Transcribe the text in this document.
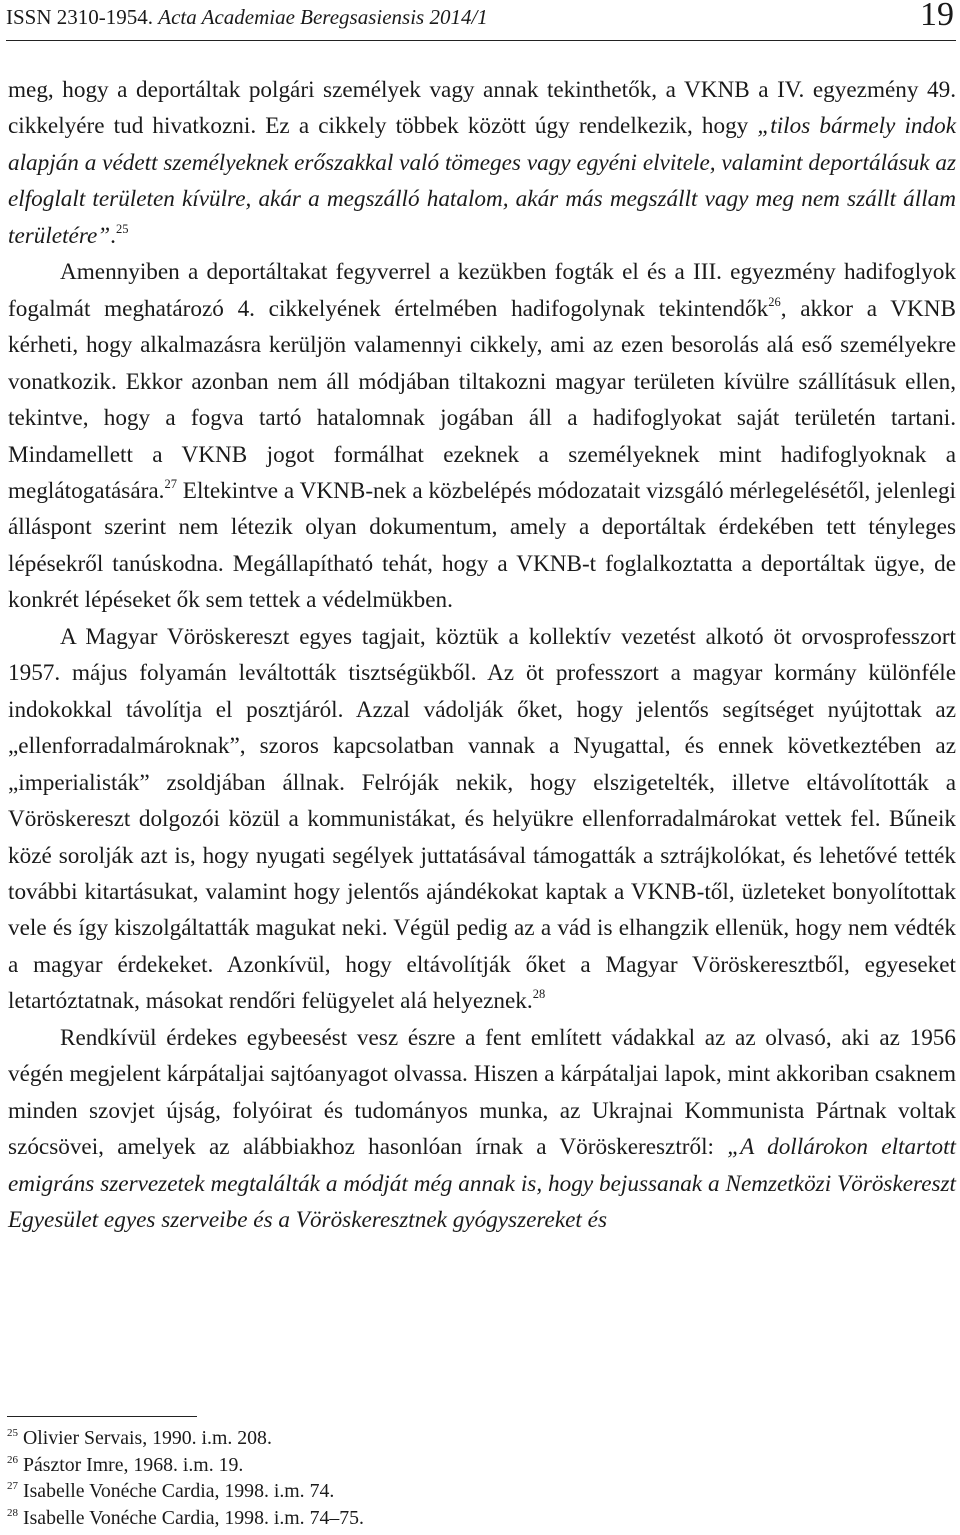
ISSN 2310-1954. Acta Academiae Beregsasiensis 2014/1	19

meg, hogy a deportáltak polgári személyek vagy annak tekinthetők, a VKNB a IV. egyezmény 49. cikkelyére tud hivatkozni. Ez a cikkely többek között úgy rendelkezik, hogy „tilos bármely indok alapján a védett személyeknek erőszakkal való tömeges vagy egyéni elvitele, valamint deportálásuk az elfoglalt területen kívülre, akár a megszálló hatalom, akár más megszállt vagy meg nem szállt állam területére”.$^{25}$

Amennyiben a deportáltakat fegyverrel a kezükben fogták el és a III. egyezmény hadifoglyok fogalmát meghatározó 4. cikkelyének értelmében hadifogolynak tekintendők$^{26}$, akkor a VKNB kérheti, hogy alkalmazásra kerüljön valamennyi cikkely, ami az ezen besorolás alá eső személyekre vonatkozik. Ekkor azonban nem áll módjában tiltakozni magyar területen kívülre szállításuk ellen, tekintve, hogy a fogva tartó hatalomnak jogában áll a hadifoglyokat saját területén tartani. Mindamellett a VKNB jogot formálhat ezeknek a személyeknek mint hadifoglyoknak a meglátogatására.$^{27}$ Eltekintve a VKNB-nek a közbelépés módozatait vizsgáló mérlegelésétől, jelenlegi álláspont szerint nem létezik olyan dokumentum, amely a deportáltak érdekében tett tényleges lépésekről tanúskodna. Megállapítható tehát, hogy a VKNB-t foglalkoztatta a deportáltak ügye, de konkrét lépéseket ők sem tettek a védelmükben.

A Magyar Vöröskereszt egyes tagjait, köztük a kollektív vezetést alkotó öt orvosprofesszort 1957. május folyamán leváltották tisztségükből. Az öt professzort a magyar kormány különféle indokokkal távolítja el posztjáról. Azzal vádolják őket, hogy jelentős segítséget nyújtottak az „ellenforradalmároknak”, szoros kapcsolatban vannak a Nyugattal, és ennek következtében az „imperialisták” zsoldjában állnak. Felróják nekik, hogy elszigetelték, illetve eltávolították a Vöröskereszt dolgozói közül a kommunistákat, és helyükre ellenforradalmárokat vettek fel. Bűneik közé sorolják azt is, hogy nyugati segélyek juttatásával támogatták a sztrájkolókat, és lehetővé tették további kitartásukat, valamint hogy jelentős ajándékokat kaptak a VKNB-től, üzleteket bonyolítottak vele és így kiszolgáltatták magukat neki. Végül pedig az a vád is elhangzik ellenük, hogy nem védték a magyar érdekeket. Azonkívül, hogy eltávolítják őket a Magyar Vöröskeresztből, egyeseket letartóztatnak, másokat rendőri felügyelet alá helyeznek.$^{28}$

Rendkívül érdekes egybeesést vesz észre a fent említett vádakkal az az olvasó, aki az 1956 végén megjelent kárpátaljai sajtóanyagot olvassa. Hiszen a kárpátaljai lapok, mint akkoriban csaknem minden szovjet újság, folyóirat és tudományos munka, az Ukrajnai Kommunista Pártnak voltak szócsövei, amelyek az alábbiakhoz hasonlóan írnak a Vöröskeresztről: „A dollárokon eltartott emigráns szervezetek megtalálták a módját még annak is, hogy bejussanak a Nemzetközi Vöröskereszt Egyesület egyes szerveibe és a Vöröskeresztnek gyógyszereket és

$^{25}$ Olivier Servais, 1990. i.m. 208.
$^{26}$ Pásztor Imre, 1968. i.m. 19.
$^{27}$ Isabelle Vonéche Cardia, 1998. i.m. 74.
$^{28}$ Isabelle Vonéche Cardia, 1998. i.m. 74–75.
